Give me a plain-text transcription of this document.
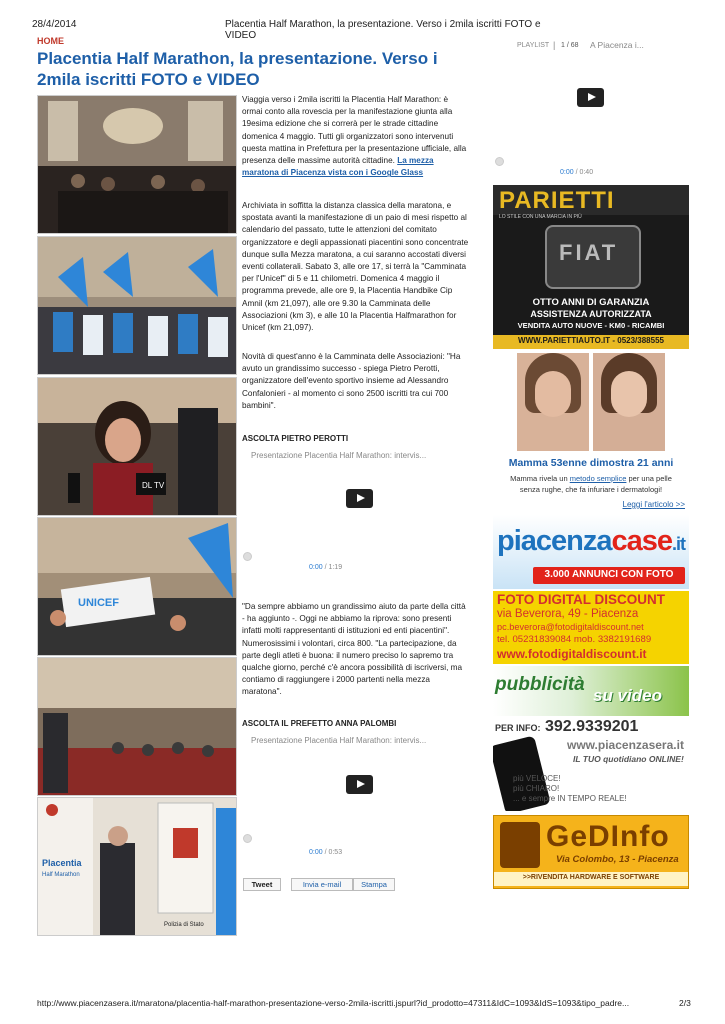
28/4/2014	Placentia Half Marathon, la presentazione. Verso i 2mila iscritti FOTO e VIDEO
HOME
Placentia Half Marathon, la presentazione. Verso i
2mila iscritti FOTO e VIDEO
DL TV
UNICEF
Placentia
Half Marathon
Polizia di Stato
Viaggia verso i 2mila iscritti la Placentia Half Marathon: è
ormai conto alla rovescia per la manifestazione giunta alla
19esima edizione che si correrà per le strade cittadine
domenica 4 maggio. Tutti gli organizzatori sono intervenuti
questa mattina in Prefettura per la presentazione ufficiale, alla
presenza delle massime autorità cittadine. La mezza
maratona di Piacenza vista con i Google Glass
Archiviata in soffitta la distanza classica della maratona, e
spostata avanti la manifestazione di un paio di mesi rispetto al
calendario del passato, tutte le attenzioni del comitato
organizzatore e degli appassionati piacentini sono concentrate
dunque sulla Mezza maratona, a cui saranno accostati diversi
eventi collaterali. Sabato 3, alle ore 17, si terrà la "Camminata
per l'Unicef" di 5 e 11 chilometri. Domenica 4 maggio il
programma prevede, alle ore 9, la Placentia Handbike Cip
Amnil (km 21,097), alle ore 9.30 la Camminata delle
Associazioni (km 3), e alle 10 la Placentia Halfmarathon for
Unicef (km 21,097).
Novità di quest'anno è la Camminata delle Associazioni: "Ha
avuto un grandissimo successo - spiega Pietro Perotti,
organizzatore dell'evento sportivo insieme ad Alessandro
Confalonieri - al momento ci sono 2500 iscritti tra cui 700
bambini".
ASCOLTA PIETRO PEROTTI
Presentazione Placentia Half Marathon: intervis...
0:00 / 1:19
"Da sempre abbiamo un grandissimo aiuto da parte della città
- ha aggiunto -. Oggi ne abbiamo la riprova: sono presenti
infatti molti rappresentanti di istituzioni ed enti piacentini".
Numerosissimi i volontari, circa 800. "La partecipazione, da
parte degli atleti è buona: il numero preciso lo sapremo tra
qualche giorno, perché c'è ancora possibilità di iscriversi, ma
contiamo di raggiungere i 2000 partenti nella mezza
maratona".
ASCOLTA IL PREFETTO ANNA PALOMBI
Presentazione Placentia Half Marathon: intervis...
0:00 / 0:53
Tweet	Invia e-mail	Stampa
PLAYLIST | 1 / 68 A Piacenza i...
0:00 / 0:40
PARIETTI
LO STILE CON UNA MARCIA IN PIÙ
FIAT
OTTO ANNI DI GARANZIA
ASSISTENZA AUTORIZZATA
VENDITA AUTO NUOVE - KM0 - RICAMBI
WWW.PARIETTIAUTO.IT - 0523/388555
Mamma 53enne dimostra 21 anni
Mamma rivela un metodo semplice per una pelle
senza rughe, che fa infuriare i dermatologi!
Leggi l'articolo >>
piacenzacase.it
3.000 ANNUNCI CON FOTO
FOTO DIGITAL DISCOUNT
via Beverora, 49 - Piacenza
pc.beverora@fotodigitaldiscount.net
tel. 05231839084 mob. 3382191689
www.fotodigitaldiscount.it
pubblicità
su video
PER INFO: 392.9339201
www.piacenzasera.it
IL TUO quotidiano ONLINE!
più VELOCE!
più CHIARO!
... e sempre IN TEMPO REALE!
GeDInfo
Via Colombo, 13 - Piacenza
>>RIVENDITA HARDWARE E SOFTWARE
http://www.piacenzasera.it/maratona/placentia-half-marathon-presentazione-verso-2mila-iscritti.jspurl?id_prodotto=47311&IdC=1093&IdS=1093&tipo_padre...	2/3
